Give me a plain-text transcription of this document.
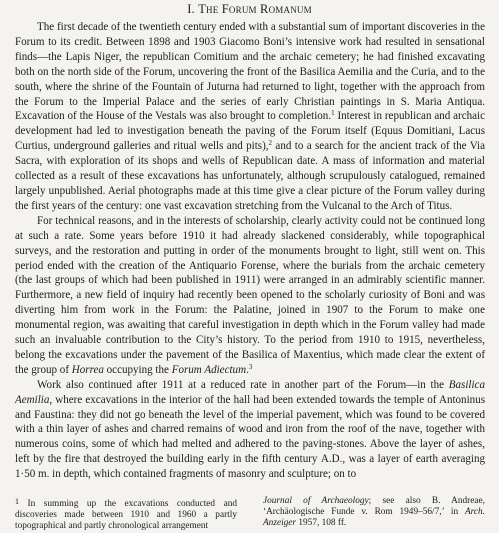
I. The Forum Romanum

The first decade of the twentieth century ended with a substantial sum of important discoveries in the Forum to its credit. Between 1898 and 1903 Giacomo Boni’s intensive work had resulted in sensational finds—the Lapis Niger, the republican Comitium and the archaic cemetery; he had finished excavating both on the north side of the Forum, uncovering the front of the Basilica Aemilia and the Curia, and to the south, where the shrine of the Fountain of Juturna had returned to light, together with the approach from the Forum to the Imperial Palace and the series of early Christian paintings in S. Maria Antiqua. Excavation of the House of the Vestals was also brought to completion.$^1$ Interest in republican and archaic development had led to investigation beneath the paving of the Forum itself (Equus Domitiani, Lacus Curtius, underground galleries and ritual wells and pits),$^2$ and to a search for the ancient track of the Via Sacra, with exploration of its shops and wells of Republican date. A mass of information and material collected as a result of these excavations has unfortunately, although scrupulously catalogued, remained largely unpublished. Aerial photographs made at this time give a clear picture of the Forum valley during the first years of the century: one vast excavation stretching from the Vulcanal to the Arch of Titus.

For technical reasons, and in the interests of scholarship, clearly activity could not be continued long at such a rate. Some years before 1910 it had already slackened considerably, while topographical surveys, and the restoration and putting in order of the monuments brought to light, still went on. This period ended with the creation of the Antiquario Forense, where the burials from the archaic cemetery (the last groups of which had been published in 1911) were arranged in an admirably scientific manner. Furthermore, a new field of inquiry had recently been opened to the scholarly curiosity of Boni and was diverting him from work in the Forum: the Palatine, joined in 1907 to the Forum to make one monumental region, was awaiting that careful investigation in depth which in the Forum valley had made such an invaluable contribution to the City’s history. To the period from 1910 to 1915, nevertheless, belong the excavations under the pavement of the Basilica of Maxentius, which made clear the extent of the group of Horrea occupying the Forum Adiectum.$^3$

Work also continued after 1911 at a reduced rate in another part of the Forum—in the Basilica Aemilia, where excavations in the interior of the hall had been extended towards the temple of Antoninus and Faustina: they did not go beneath the level of the imperial pavement, which was found to be covered with a thin layer of ashes and charred remains of wood and iron from the roof of the nave, together with numerous coins, some of which had melted and adhered to the paving-stones. Above the layer of ashes, left by the fire that destroyed the building early in the fifth century A.D., was a layer of earth averaging 1·50 m. in depth, which contained fragments of masonry and sculpture; on to

1 In summing up the excavations conducted and discoveries made between 1910 and 1960 a partly topographical and partly chronological arrangement
Journal of Archaeology; see also B. Andreae, ‘Archäologische Funde v. Rom 1949–56/7,’ in Arch. Anzeiger 1957, 108 ff.
